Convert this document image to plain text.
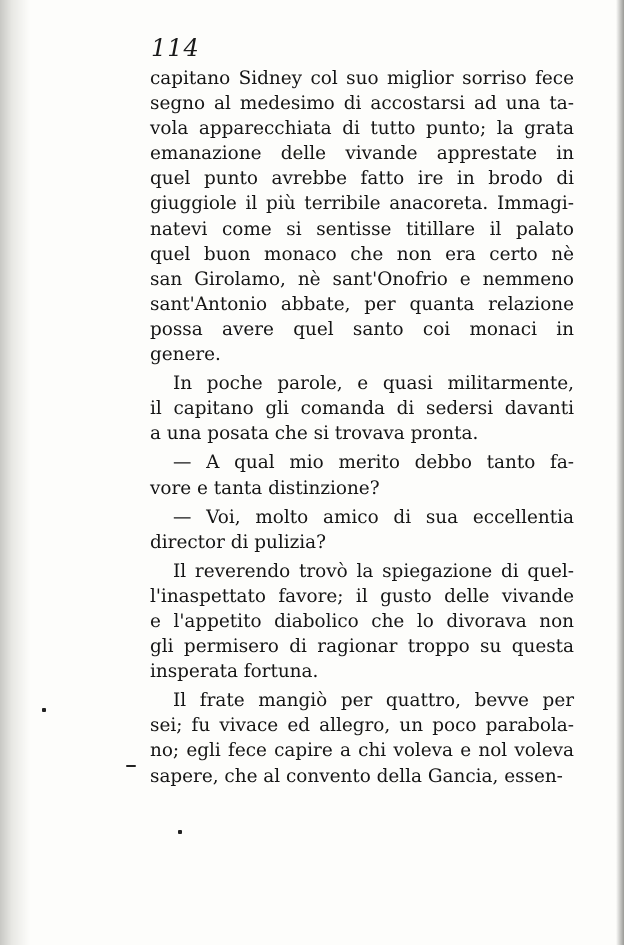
114
capitano Sidney col suo miglior sorriso fece
segno al medesimo di accostarsi ad una ta-
vola apparecchiata di tutto punto; la grata
emanazione delle vivande apprestate in
quel punto avrebbe fatto ire in brodo di
giuggiole il più terribile anacoreta. Immagi-
natevi come si sentisse titillare il palato
quel buon monaco che non era certo nè
san Girolamo, nè sant'Onofrio e nemmeno
sant'Antonio abbate, per quanta relazione
possa avere quel santo coi monaci in
genere.
In poche parole, e quasi militarmente,
il capitano gli comanda di sedersi davanti
a una posata che si trovava pronta.
— A qual mio merito debbo tanto fa-
vore e tanta distinzione?
— Voi, molto amico di sua eccellentia
director di pulizia?
Il reverendo trovò la spiegazione di quel-
l'inaspettato favore; il gusto delle vivande
e l'appetito diabolico che lo divorava non
gli permisero di ragionar troppo su questa
insperata fortuna.
Il frate mangiò per quattro, bevve per
sei; fu vivace ed allegro, un poco parabola-
no; egli fece capire a chi voleva e nol voleva
sapere, che al convento della Gancia, essen-
